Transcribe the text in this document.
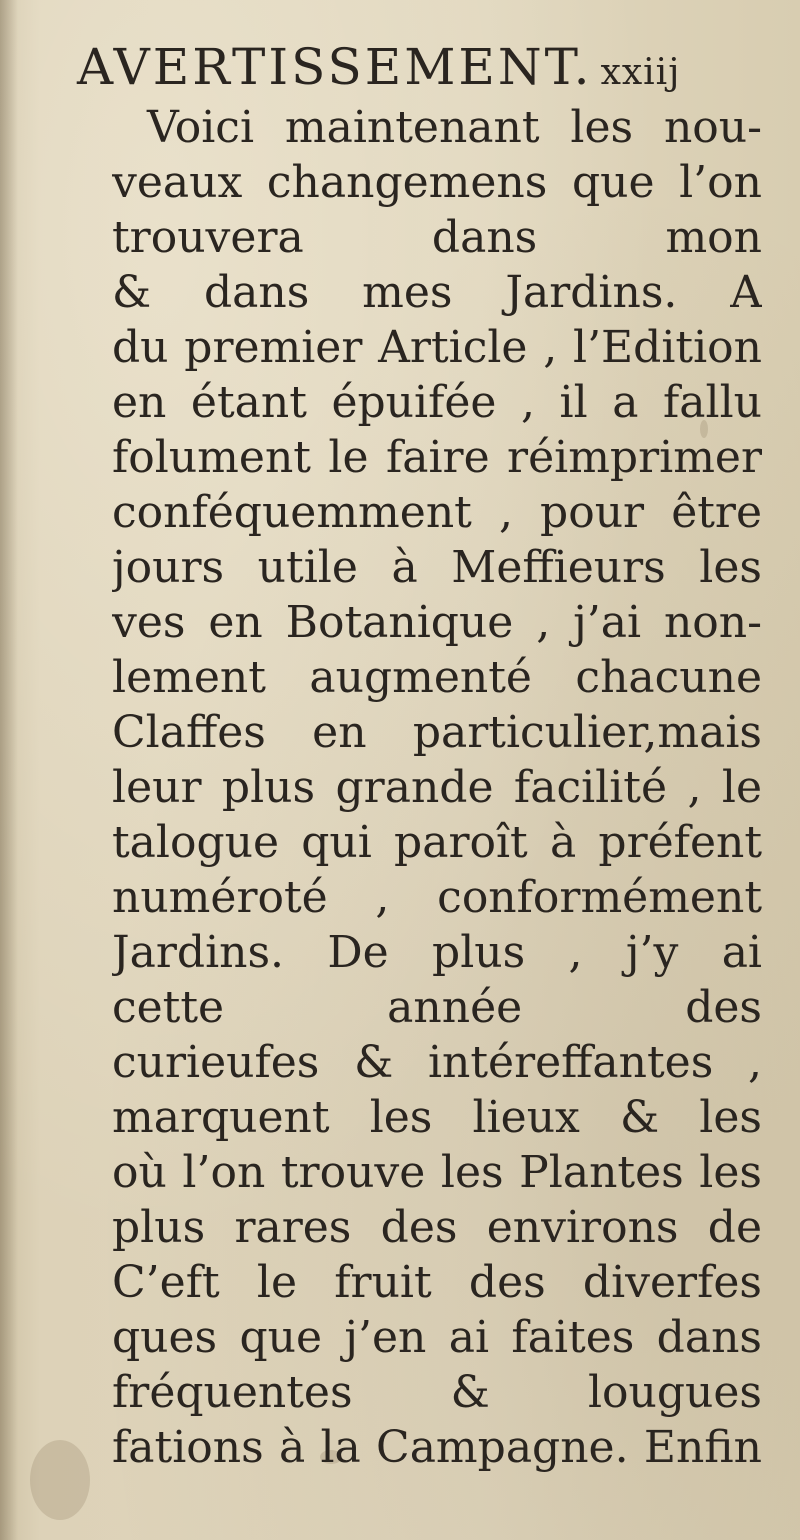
AVERTISSEMENT. xxiij
Voici maintenant les nou-
veaux changemens que l’on
trouvera dans mon
& dans mes Jardins. A
du premier Article , l’Edition
en étant épuifée , il a fallu
folument le faire réimprimer
conféquemment , pour être
jours utile à Meffieurs les
ves en Botanique , j’ai non-
lement augmenté chacune
Claffes en particulier,mais
leur plus grande facilité , le
talogue qui paroît à préfent
numéroté , conformément
Jardins. De plus , j’y ai
cette année des
curieufes & intéreffantes ,
marquent les lieux & les
où l’on trouve les Plantes les
plus rares des environs de
C’eft le fruit des diverfes
ques que j’en ai faites dans
fréquentes & lougues
fations à la Campagne. Enfin
